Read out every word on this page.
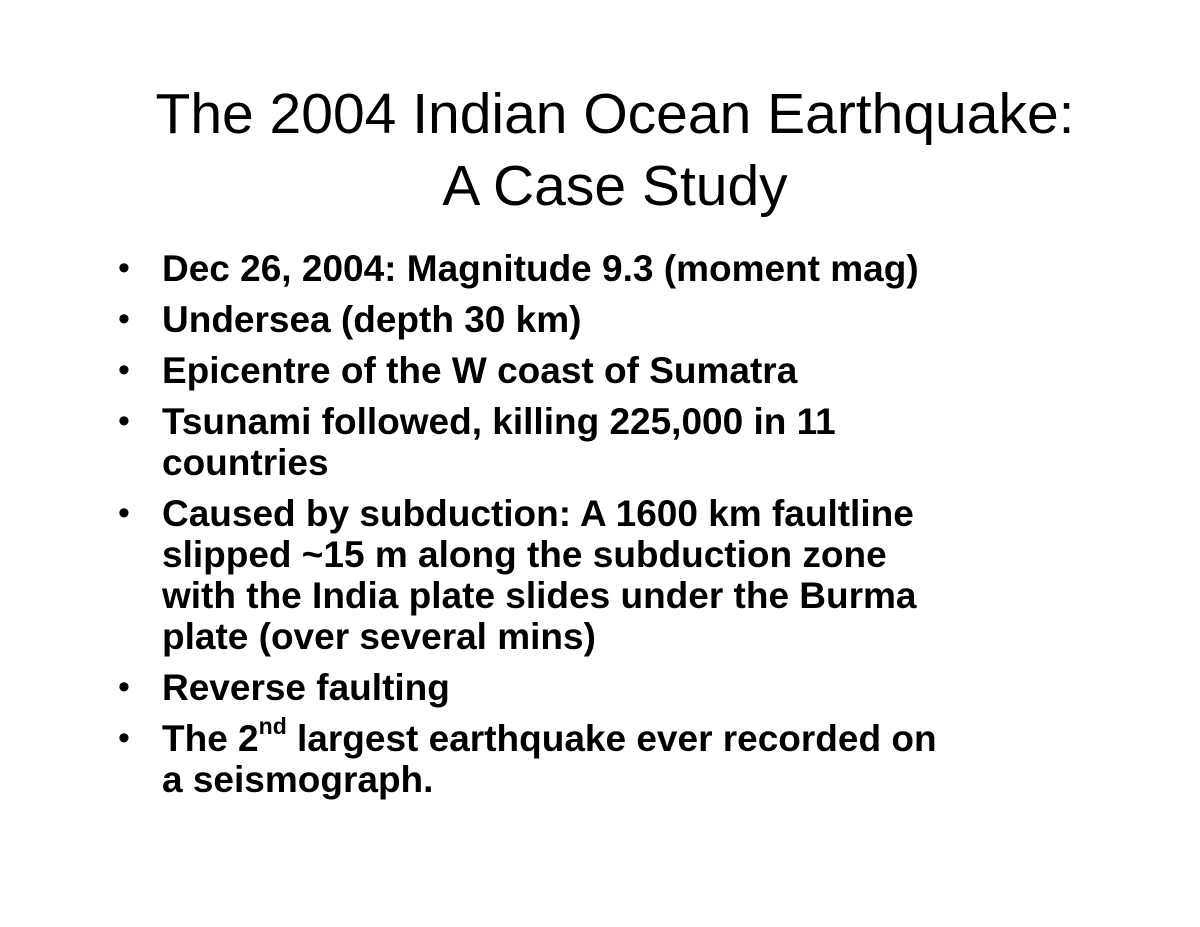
The 2004 Indian Ocean Earthquake:
A Case Study
• Dec 26, 2004: Magnitude 9.3 (moment mag)
• Undersea (depth 30 km)
• Epicentre of the W coast of Sumatra
• Tsunami followed, killing 225,000 in 11
countries
• Caused by subduction: A 1600 km faultline
slipped ~15 m along the subduction zone
with the India plate slides under the Burma
plate (over several mins)
• Reverse faulting
• The 2nd largest earthquake ever recorded on
a seismograph.
